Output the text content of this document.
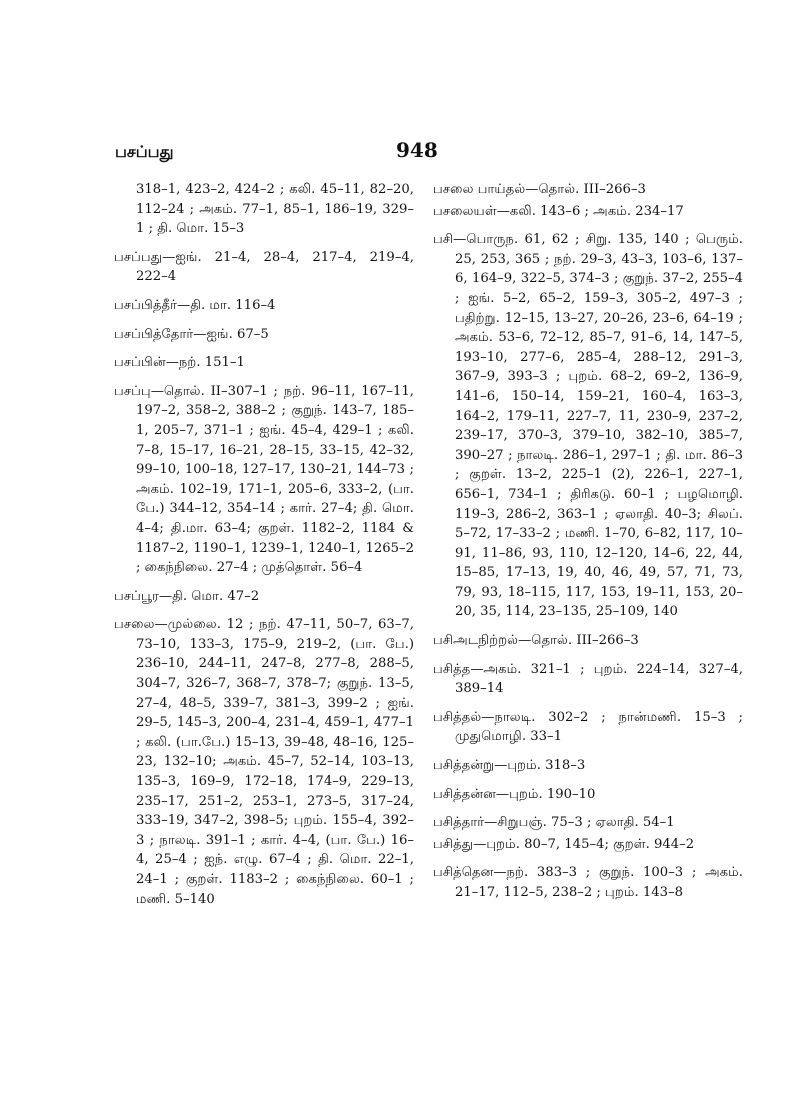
பசப்பது	948
318–1, 423–2, 424–2 ; கலி. 45–11, 82–20, 112–24 ; அகம். 77–1, 85–1, 186–19, 329–1 ; தி. மொ. 15–3
பசப்பது—ஐங். 21–4, 28–4, 217–4, 219–4, 222–4
பசப்பித்தீர்—தி. மா. 116–4
பசப்பித்தோர்—ஐங். 67–5
பசப்பின்—நற். 151–1
பசப்பு—தொல். II–307–1 ; நற். 96–11, 167–11, 197–2, 358–2, 388–2 ; குறுந். 143–7, 185–1, 205–7, 371–1 ; ஐங். 45–4, 429–1 ; கலி. 7–8, 15–17, 16–21, 28–15, 33–15, 42–32, 99–10, 100–18, 127–17, 130–21, 144–73 ; அகம். 102–19, 171–1, 205–6, 333–2, (பா. பே.) 344–12, 354–14 ; கார். 27–4; தி. மொ. 4–4; தி.மா. 63–4; குறள். 1182–2, 1184 & 1187–2, 1190–1, 1239–1, 1240–1, 1265–2 ; கைந்நிலை. 27–4 ; முத்தொள். 56–4
பசப்பூர—தி. மொ. 47–2
பசலை—முல்லை. 12 ; நற். 47–11, 50–7, 63–7, 73–10, 133–3, 175–9, 219–2, (பா. பே.) 236–10, 244–11, 247–8, 277–8, 288–5, 304–7, 326–7, 368–7, 378–7; குறுந். 13–5, 27–4, 48–5, 339–7, 381–3, 399–2 ; ஐங். 29–5, 145–3, 200–4, 231–4, 459–1, 477–1 ; கலி. (பா.பே.) 15–13, 39–48, 48–16, 125–23, 132–10; அகம். 45–7, 52–14, 103–13, 135–3, 169–9, 172–18, 174–9, 229–13, 235–17, 251–2, 253–1, 273–5, 317–24, 333–19, 347–2, 398–5; புறம். 155–4, 392–3 ; நாலடி. 391–1 ; கார். 4–4, (பா. பே.) 16–4, 25–4 ; ஐந். எழு. 67–4 ; தி. மொ. 22–1, 24–1 ; குறள். 1183–2 ; கைந்நிலை. 60–1 ; மணி. 5–140
பசலை பாய்தல்—தொல். III–266–3
பசலையள்—கலி. 143–6 ; அகம். 234–17
பசி—பொருந. 61, 62 ; சிறு. 135, 140 ; பெரும். 25, 253, 365 ; நற். 29–3, 43–3, 103–6, 137–6, 164–9, 322–5, 374–3 ; குறுந். 37–2, 255–4 ; ஐங். 5–2, 65–2, 159–3, 305–2, 497–3 ; பதிற்று. 12–15, 13–27, 20–26, 23–6, 64–19 ; அகம். 53–6, 72–12, 85–7, 91–6, 14, 147–5, 193–10, 277–6, 285–4, 288–12, 291–3, 367–9, 393–3 ; புறம். 68–2, 69–2, 136–9, 141–6, 150–14, 159–21, 160–4, 163–3, 164–2, 179–11, 227–7, 11, 230–9, 237–2, 239–17, 370–3, 379–10, 382–10, 385–7, 390–27 ; நாலடி. 286–1, 297–1 ; தி. மா. 86–3 ; குறள். 13–2, 225–1 (2), 226–1, 227–1, 656–1, 734–1 ; திரிகடு. 60–1 ; பழமொழி. 119–3, 286–2, 363–1 ; ஏலாதி. 40–3; சிலப். 5–72, 17–33–2 ; மணி. 1–70, 6–82, 117, 10–91, 11–86, 93, 110, 12–120, 14–6, 22, 44, 15–85, 17–13, 19, 40, 46, 49, 57, 71, 73, 79, 93, 18–115, 117, 153, 19–11, 153, 20–20, 35, 114, 23–135, 25–109, 140
பசிஅடநிற்றல்—தொல். III–266–3
பசித்த—அகம். 321–1 ; புறம். 224–14, 327–4, 389–14
பசித்தல்—நாலடி. 302–2 ; நான்மணி. 15–3 ; முதுமொழி. 33–1
பசித்தன்று—புறம். 318–3
பசித்தன்ன—புறம். 190–10
பசித்தார்—சிறுபஞ். 75–3 ; ஏலாதி. 54–1
பசித்து—புறம். 80–7, 145–4; குறள். 944–2
பசித்தென—நற். 383–3 ; குறுந். 100–3 ; அகம். 21–17, 112–5, 238–2 ; புறம். 143–8
